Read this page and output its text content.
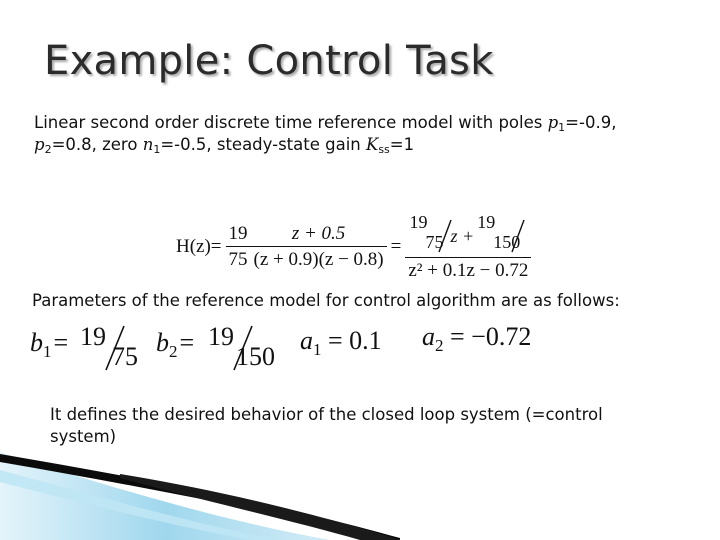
Example: Control Task
Linear second order discrete time reference model with poles $p_1=-0.9$,
$p_2=0.8$, zero $n_1=-0.5$, steady-state gain $K_{ss}=1$
$H(z)= \frac{19}{75} \frac{z + 0.5}{(z + 0.9)(z - 0.8)} = 19$
75 z +
19
150
z² + 0.1z − 0.72
Parameters of the reference model for control algorithm are as follows:
$b_1= 19$
75 $b_2= 19$
150
$a_1 = 0.1$ $a_2 = -0.72$
It defines the desired behavior of the closed loop system (=control system)
